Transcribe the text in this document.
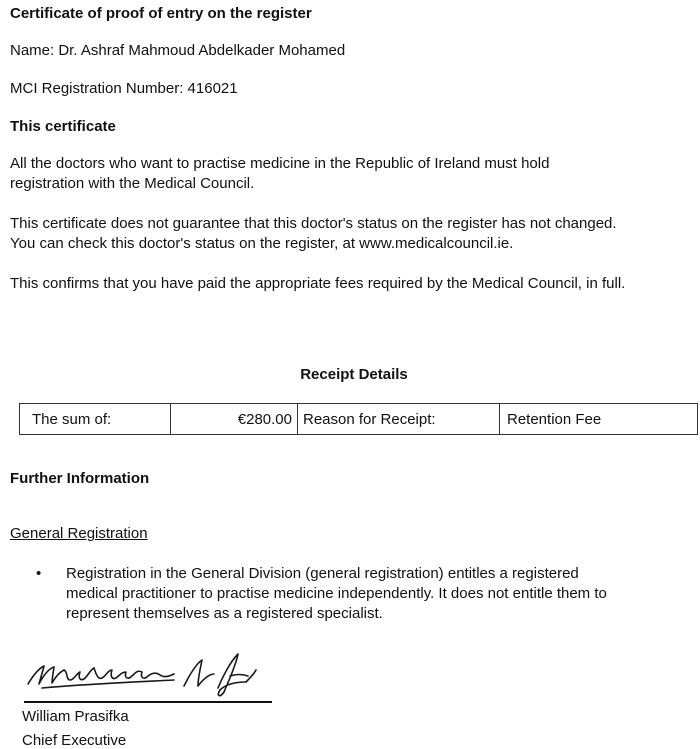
Certificate of proof of entry on the register
Name: Dr. Ashraf Mahmoud Abdelkader Mohamed
MCI Registration Number: 416021
This certificate
All the doctors who want to practise medicine in the Republic of Ireland must hold
registration with the Medical Council.
This certificate does not guarantee that this doctor's status on the register has not changed.
You can check this doctor's status on the register, at www.medicalcouncil.ie.
This confirms that you have paid the appropriate fees required by the Medical Council, in full.
Receipt Details
The sum of:	€280.00	Reason for Receipt:	Retention Fee
Further Information
General Registration
• Registration in the General Division (general registration) entitles a registered
medical practitioner to practise medicine independently. It does not entitle them to
represent themselves as a registered specialist.
William Prasifka
Chief Executive
